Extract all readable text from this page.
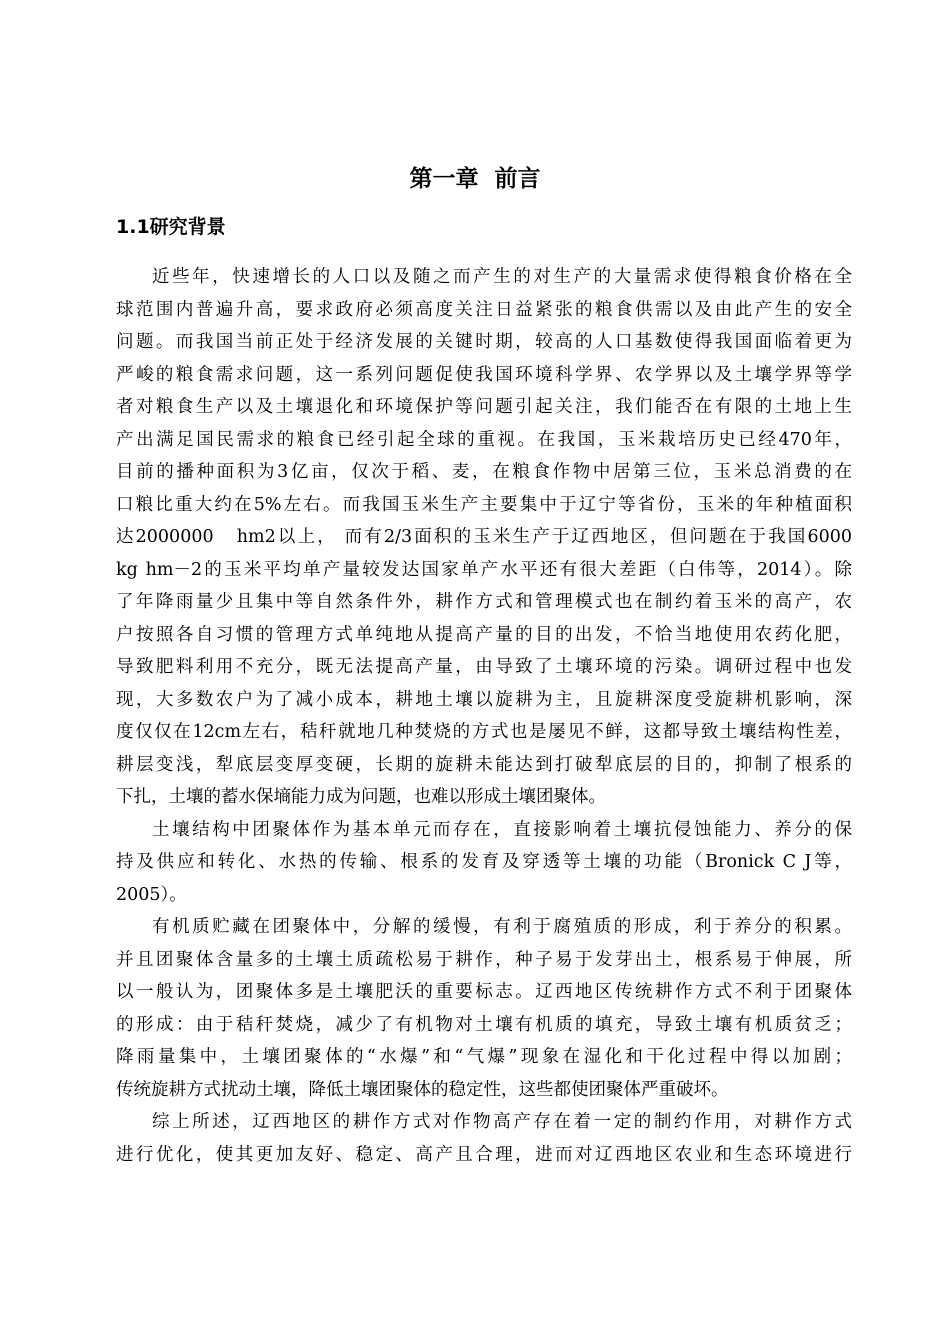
第一章  前言
1.1研究背景
近些年，快速增长的人口以及随之而产生的对生产的大量需求使得粮食价格在全
球范围内普遍升高，要求政府必须高度关注日益紧张的粮食供需以及由此产生的安全
问题。而我国当前正处于经济发展的关键时期，较高的人口基数使得我国面临着更为
严峻的粮食需求问题，这一系列问题促使我国环境科学界、农学界以及土壤学界等学
者对粮食生产以及土壤退化和环境保护等问题引起关注，我们能否在有限的土地上生
产出满足国民需求的粮食已经引起全球的重视。在我国，玉米栽培历史已经470年，
目前的播种面积为3亿亩，仅次于稻、麦，在粮食作物中居第三位，玉米总消费的在
口粮比重大约在5%左右。而我国玉米生产主要集中于辽宁等省份，玉米的年种植面积
达2000000   hm2以上， 而有2/3面积的玉米生产于辽西地区，但问题在于我国6000
kg hm－2的玉米平均单产量较发达国家单产水平还有很大差距（白伟等，2014）。除
了年降雨量少且集中等自然条件外，耕作方式和管理模式也在制约着玉米的高产，农
户按照各自习惯的管理方式单纯地从提高产量的目的出发，不恰当地使用农药化肥，
导致肥料利用不充分，既无法提高产量，由导致了土壤环境的污染。调研过程中也发
现，大多数农户为了减小成本，耕地土壤以旋耕为主，且旋耕深度受旋耕机影响，深
度仅仅在12cm左右，秸秆就地几种焚烧的方式也是屡见不鲜，这都导致土壤结构性差，
耕层变浅，犁底层变厚变硬，长期的旋耕未能达到打破犁底层的目的，抑制了根系的
下扎，土壤的蓄水保墒能力成为问题，也难以形成土壤团聚体。
土壤结构中团聚体作为基本单元而存在，直接影响着土壤抗侵蚀能力、养分的保
持及供应和转化、水热的传输、根系的发育及穿透等土壤的功能（Bronick C J等，
2005）。
有机质贮藏在团聚体中，分解的缓慢，有利于腐殖质的形成，利于养分的积累。
并且团聚体含量多的土壤土质疏松易于耕作，种子易于发芽出土，根系易于伸展，所
以一般认为，团聚体多是土壤肥沃的重要标志。辽西地区传统耕作方式不利于团聚体
的形成：由于秸秆焚烧，减少了有机物对土壤有机质的填充，导致土壤有机质贫乏；
降雨量集中，土壤团聚体的“水爆”和“气爆”现象在湿化和干化过程中得以加剧；
传统旋耕方式扰动土壤，降低土壤团聚体的稳定性，这些都使团聚体严重破坏。
综上所述，辽西地区的耕作方式对作物高产存在着一定的制约作用，对耕作方式
进行优化，使其更加友好、稳定、高产且合理，进而对辽西地区农业和生态环境进行
